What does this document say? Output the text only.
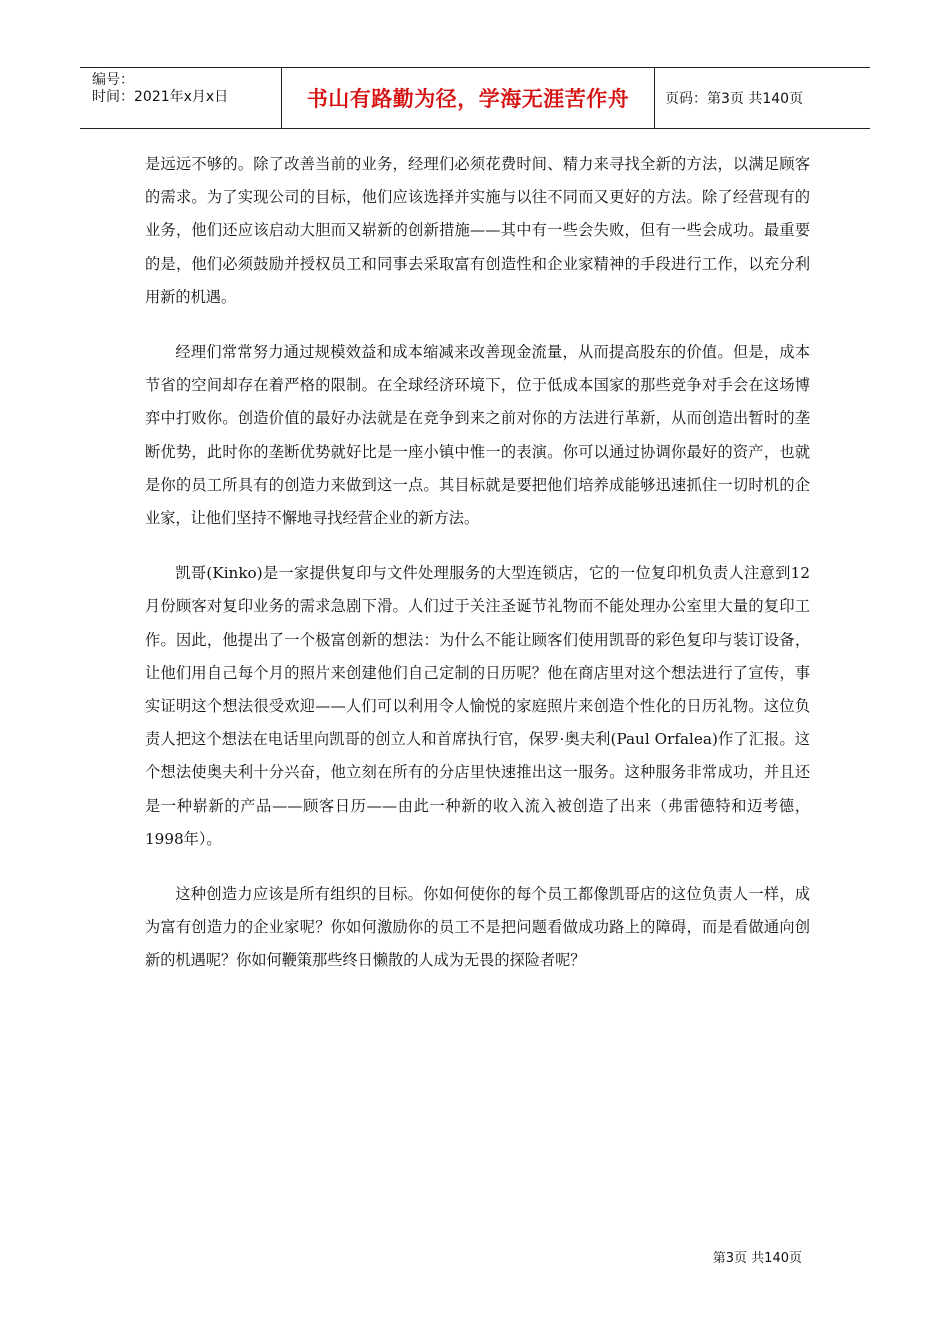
编号：
时间：2021年x月x日	书山有路勤为径，学海无涯苦作舟	页码：第3页 共140页

是远远不够的。除了改善当前的业务，经理们必须花费时间、精力来寻找全新的方法，以满足顾客的需求。为了实现公司的目标，他们应该选择并实施与以往不同而又更好的方法。除了经营现有的业务，他们还应该启动大胆而又崭新的创新措施——其中有一些会失败，但有一些会成功。最重要的是，他们必须鼓励并授权员工和同事去采取富有创造性和企业家精神的手段进行工作，以充分利用新的机遇。

经理们常常努力通过规模效益和成本缩减来改善现金流量，从而提高股东的价值。但是，成本节省的空间却存在着严格的限制。在全球经济环境下，位于低成本国家的那些竞争对手会在这场博弈中打败你。创造价值的最好办法就是在竞争到来之前对你的方法进行革新，从而创造出暂时的垄断优势，此时你的垄断优势就好比是一座小镇中惟一的表演。你可以通过协调你最好的资产，也就是你的员工所具有的创造力来做到这一点。其目标就是要把他们培养成能够迅速抓住一切时机的企业家，让他们坚持不懈地寻找经营企业的新方法。

凯哥(Kinko)是一家提供复印与文件处理服务的大型连锁店，它的一位复印机负责人注意到12月份顾客对复印业务的需求急剧下滑。人们过于关注圣诞节礼物而不能处理办公室里大量的复印工作。因此，他提出了一个极富创新的想法：为什么不能让顾客们使用凯哥的彩色复印与装订设备，让他们用自己每个月的照片来创建他们自己定制的日历呢？他在商店里对这个想法进行了宣传，事实证明这个想法很受欢迎——人们可以利用令人愉悦的家庭照片来创造个性化的日历礼物。这位负责人把这个想法在电话里向凯哥的创立人和首席执行官，保罗·奥夫利(Paul Orfalea)作了汇报。这个想法使奥夫利十分兴奋，他立刻在所有的分店里快速推出这一服务。这种服务非常成功，并且还是一种崭新的产品——顾客日历——由此一种新的收入流入被创造了出来（弗雷德特和迈考德，1998年）。

这种创造力应该是所有组织的目标。你如何使你的每个员工都像凯哥店的这位负责人一样，成为富有创造力的企业家呢？你如何激励你的员工不是把问题看做成功路上的障碍，而是看做通向创新的机遇呢？你如何鞭策那些终日懒散的人成为无畏的探险者呢？

第3页 共140页
